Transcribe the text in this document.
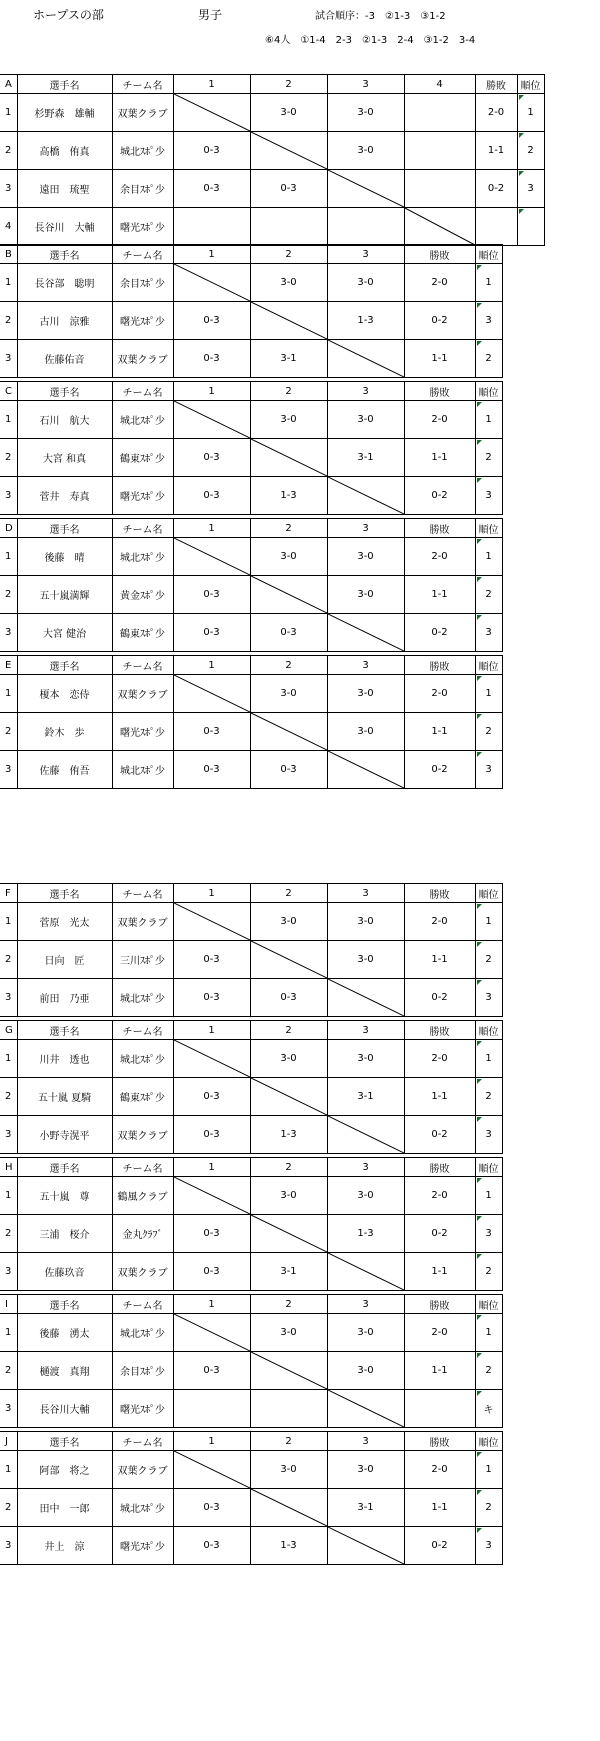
ホープスの部	男子	試合順序：-3　②1-3　③1-2
⑥4人　①1-4　2-3　②1-3　2-4　③1-2　3-4
A	選手名	チーム名	1	2	3	4	勝敗	順位
1	杉野森　雄輔	双葉クラブ		3-0	3-0		2-0	1

2	高橋　侑真	城北ｽﾎﾟ少	0-3		3-0		1-1	2

3	遠田　琉聖	余目ｽﾎﾟ少	0-3	0-3			0-2	3

4	長谷川　大輔	曙光ｽﾎﾟ少				

B	選手名	チーム名	1	2	3	勝敗	順位
1	長谷部　聡明	余目ｽﾎﾟ少		3-0	3-0	2-0	1

2	古川　涼雅	曙光ｽﾎﾟ少	0-3		1-3	0-2	3

3	佐藤佑音	双葉クラブ	0-3	3-1		1-1	2
C	選手名	チーム名	1	2	3	勝敗	順位
1	石川　航大	城北ｽﾎﾟ少		3-0	3-0	2-0	1

2	大宮 和真	鶴東ｽﾎﾟ少	0-3		3-1	1-1	2

3	菅井　寿真	曙光ｽﾎﾟ少	0-3	1-3		0-2	3
D	選手名	チーム名	1	2	3	勝敗	順位
1	後藤　晴	城北ｽﾎﾟ少		3-0	3-0	2-0	1

2	五十嵐満輝	黄金ｽﾎﾟ少	0-3		3-0	1-1	2

3	大宮 健治	鶴東ｽﾎﾟ少	0-3	0-3		0-2	3
E	選手名	チーム名	1	2	3	勝敗	順位
1	榎本　恋侍	双葉クラブ		3-0	3-0	2-0	1

2	鈴木　歩	曙光ｽﾎﾟ少	0-3		3-0	1-1	2

3	佐藤　侑吾	城北ｽﾎﾟ少	0-3	0-3		0-2	3
F	選手名	チーム名	1	2	3	勝敗	順位
1	菅原　光太	双葉クラブ		3-0	3-0	2-0	1

2	日向　匠	三川ｽﾎﾟ少	0-3		3-0	1-1	2

3	前田　乃亜	城北ｽﾎﾟ少	0-3	0-3		0-2	3
G	選手名	チーム名	1	2	3	勝敗	順位
1	川井　透也	城北ｽﾎﾟ少		3-0	3-0	2-0	1

2	五十嵐 夏騎	鶴東ｽﾎﾟ少	0-3		3-1	1-1	2

3	小野寺滉平	双葉クラブ	0-3	1-3		0-2	3
H	選手名	チーム名	1	2	3	勝敗	順位
1	五十嵐　尊	鶴風クラブ		3-0	3-0	2-0	1

2	三浦　桜介	金丸ｸﾗﾌﾞ	0-3		1-3	0-2	3

3	佐藤玖音	双葉クラブ	0-3	3-1		1-1	2
I	選手名	チーム名	1	2	3	勝敗	順位
1	後藤　湧太	城北ｽﾎﾟ少		3-0	3-0	2-0	1

2	樋渡　真翔	余目ｽﾎﾟ少	0-3		3-0	1-1	2

3	長谷川大輔	曙光ｽﾎﾟ少					キ
J	選手名	チーム名	1	2	3	勝敗	順位
1	阿部　将之	双葉クラブ		3-0	3-0	2-0	1

2	田中　一郎	城北ｽﾎﾟ少	0-3		3-1	1-1	2

3	井上　涼	曙光ｽﾎﾟ少	0-3	1-3		0-2	3
